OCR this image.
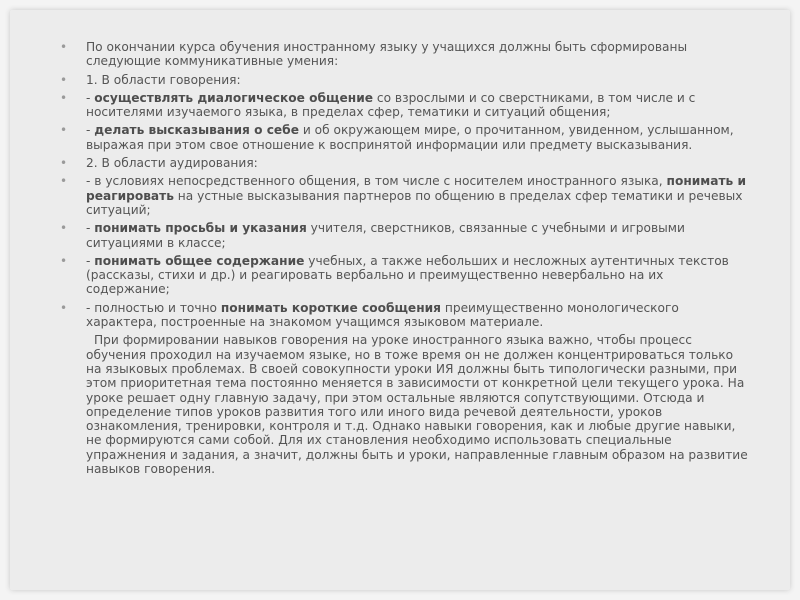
• По окончании курса обучения иностранному языку у учащихся должны быть сформированы следующие коммуникативные умения:
• 1. В области говорения:
• - осуществлять диалогическое общение со взрослыми и со сверстниками, в том числе и с носителями изучаемого языка, в пределах сфер, тематики и ситуаций общения;
• - делать высказывания о себе и об окружающем мире, о прочитанном, увиденном, услышанном, выражая при этом свое отношение к воспринятой информации или предмету высказывания.
• 2. В области аудирования:
• - в условиях непосредственного общения, в том числе с носителем иностранного языка, понимать и реагировать на устные высказывания партнеров по общению в пределах сфер тематики и речевых ситуаций;
• - понимать просьбы и указания учителя, сверстников, связанные с учебными и игровыми ситуациями в классе;
• - понимать общее содержание учебных, а также небольших и несложных аутентичных текстов (рассказы, стихи и др.) и реагировать вербально и преимущественно невербально на их содержание;
• - полностью и точно понимать короткие сообщения преимущественно монологического характера, построенные на знакомом учащимся языковом материале.

При формировании навыков говорения на уроке иностранного языка важно, чтобы процесс обучения проходил на изучаемом языке, но в тоже время он не должен концентрироваться только на языковых проблемах. В своей совокупности уроки ИЯ должны быть типологически разными, при этом приоритетная тема постоянно меняется в зависимости от конкретной цели текущего урока. На уроке решает одну главную задачу, при этом остальные являются сопутствующими. Отсюда и определение типов уроков развития того или иного вида речевой деятельности, уроков ознакомления, тренировки, контроля и т.д. Однако навыки говорения, как и любые другие навыки, не формируются сами собой. Для их становления необходимо использовать специальные упражнения и задания, а значит, должны быть и уроки, направленные главным образом на развитие навыков говорения.
